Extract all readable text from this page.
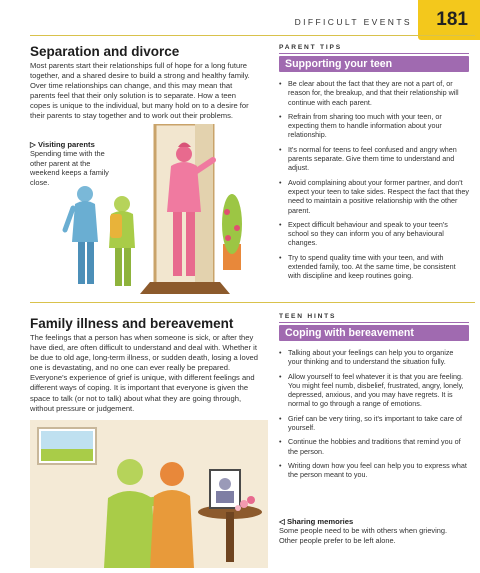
181
DIFFICULT EVENTS
Separation and divorce

Most parents start their relationships full of hope for a long future together, and a shared desire to build a strong and healthy family. Over time relationships can change, and this may mean that parents feel that their only solution is to separate. How a teen copes is unique to the individual, but many hold on to a desire for their parents to stay together and to work out their problems.

▷ Visiting parents
Spending time with the other parent at the weekend keeps a family close.
PARENT TIPS
Supporting your teen
• Be clear about the fact that they are not a part of, or reason for, the breakup, and that their relationship will continue with each parent.
• Refrain from sharing too much with your teen, or expecting them to handle information about your relationship.
• It's normal for teens to feel confused and angry when parents separate. Give them time to understand and adjust.
• Avoid complaining about your former partner, and don't expect your teen to take sides. Respect the fact that they need to maintain a positive relationship with the other parent.
• Expect difficult behaviour and speak to your teen's school so they can inform you of any behavioural changes.
• Try to spend quality time with your teen, and with extended family, too. At the same time, be consistent with discipline and keep routines going.
Family illness and bereavement

The feelings that a person has when someone is sick, or after they have died, are often difficult to understand and deal with. Whether it be due to old age, long-term illness, or sudden death, losing a loved one is devastating, and no one can ever really be prepared. Everyone's experience of grief is unique, with different feelings and different ways of coping. It is important that everyone is given the space to talk (or not to talk) about what they are going through, without pressure or judgement.

TEEN HINTS
Coping with bereavement
• Talking about your feelings can help you to organize your thinking and to understand the situation fully.
• Allow yourself to feel whatever it is that you are feeling. You might feel numb, disbelief, frustrated, angry, lonely, depressed, anxious, and you may have regrets. It is normal to go through a range of emotions.
• Grief can be very tiring, so it's important to take care of yourself.
• Continue the hobbies and traditions that remind you of the person.
• Writing down how you feel can help you to express what the person meant to you.
◁ Sharing memories
Some people need to be with others when grieving. Other people prefer to be left alone.
